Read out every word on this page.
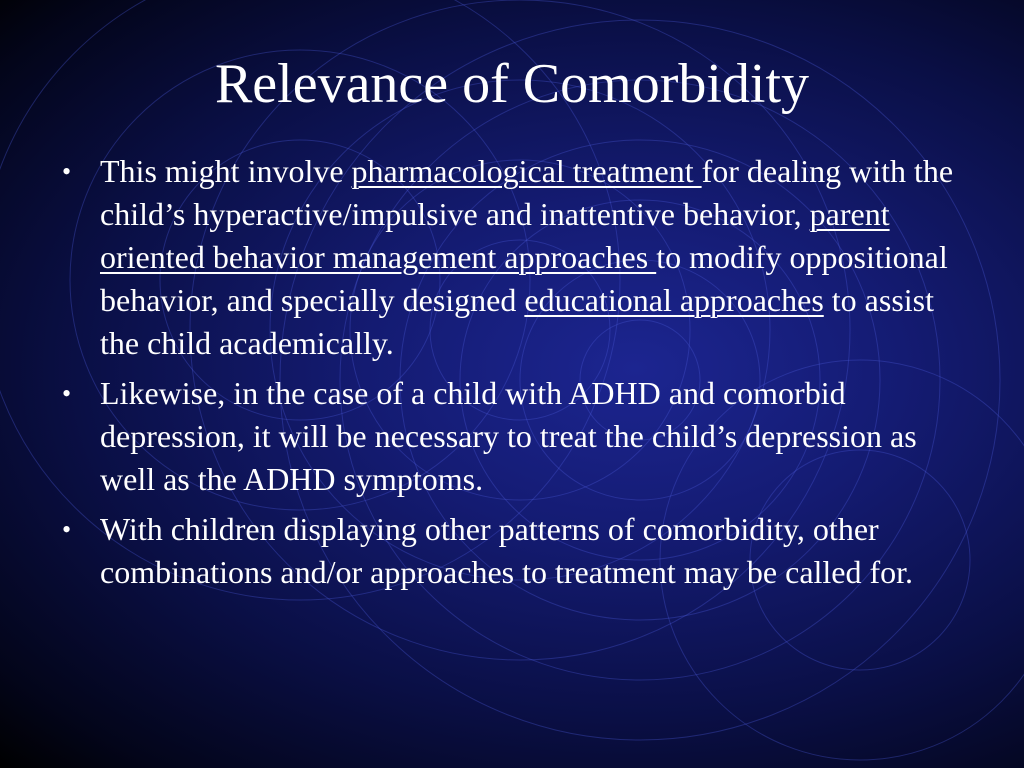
Relevance of Comorbidity
• This might involve pharmacological treatment for dealing with the child’s hyperactive/impulsive and inattentive behavior, parent oriented behavior management approaches to modify oppositional behavior, and specially designed educational approaches to assist the child academically.
• Likewise, in the case of a child with ADHD and comorbid depression, it will be necessary to treat the child’s depression as well as the ADHD symptoms.
• With children displaying other patterns of comorbidity, other combinations and/or approaches to treatment may be called for.
